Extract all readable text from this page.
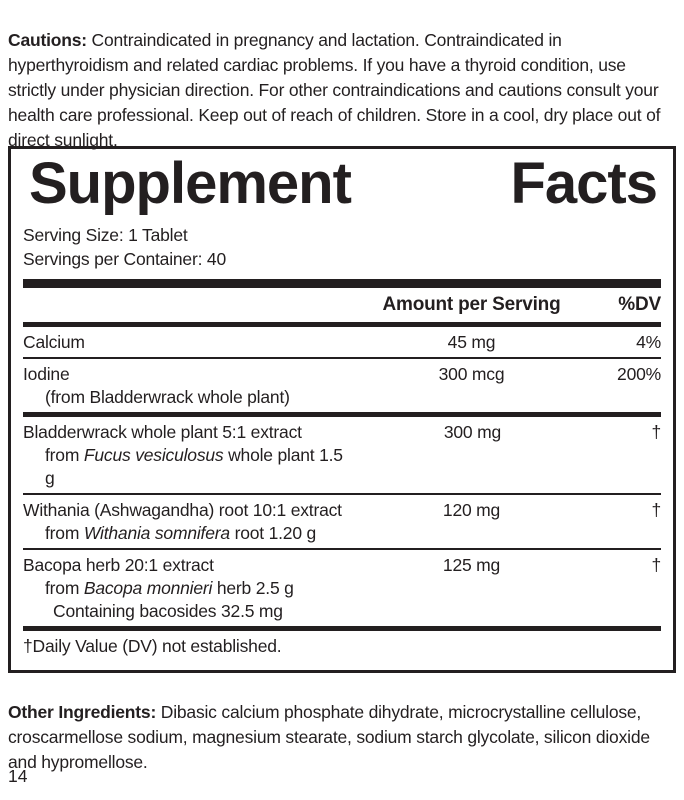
Cautions: Contraindicated in pregnancy and lactation. Contraindicated in hyperthyroidism and related cardiac problems. If you have a thyroid condition, use strictly under physician direction. For other contraindications and cautions consult your health care professional. Keep out of reach of children. Store in a cool, dry place out of direct sunlight.

Supplement	Facts
Serving Size: 1 Tablet
Servings per Container: 40
Amount per Serving	%DV
Calcium	45 mg	4%
Iodine
(from Bladderwrack whole plant)
300 mcg	200%
Bladderwrack whole plant 5:1 extract
from Fucus vesiculosus whole plant 1.5 g
300 mg	†
Withania (Ashwagandha) root 10:1 extract
from Withania somnifera root 1.20 g
120 mg	†
Bacopa herb 20:1 extract
from Bacopa monnieri herb 2.5 g
Containing bacosides 32.5 mg
125 mg	†
†Daily Value (DV) not established.

Other Ingredients: Dibasic calcium phosphate dihydrate, microcrystalline cellulose, croscarmellose sodium, magnesium stearate, sodium starch glycolate, silicon dioxide and hypromellose.

14
